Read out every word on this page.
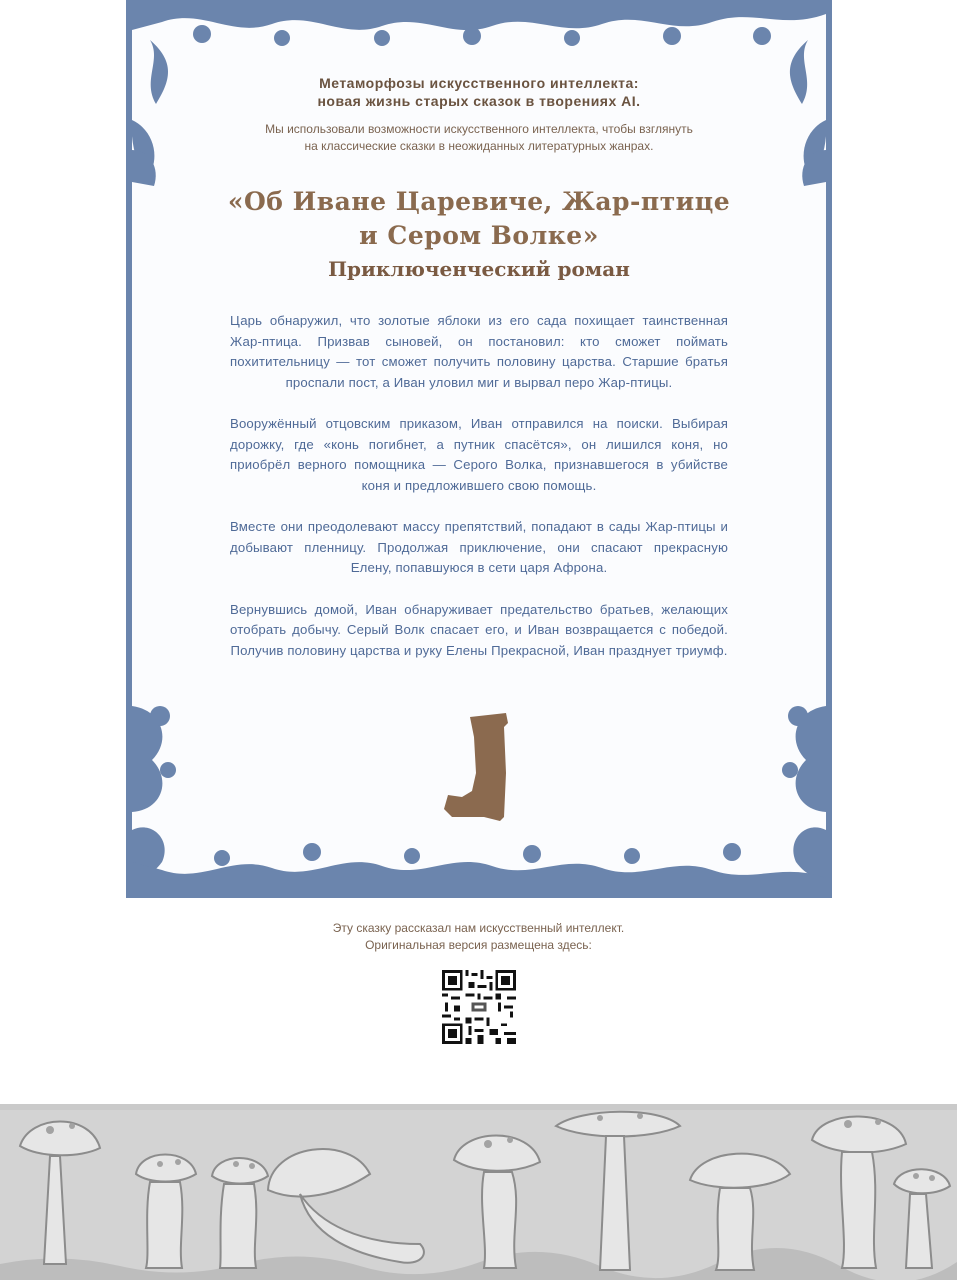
Метаморфозы искусственного интеллекта:
новая жизнь старых сказок в творениях AI.
Мы использовали возможности искусственного интеллекта, чтобы взглянуть
на классические сказки в неожиданных литературных жанрах.
«Об Иване Царевиче, Жар-птице
и Сером Волке»
Приключенческий роман

Царь обнаружил, что золотые яблоки из его сада похищает таинственная Жар-птица. Призвав сыновей, он постановил: кто сможет поймать похитительницу — тот сможет получить половину царства. Старшие братья проспали пост, а Иван уловил миг и вырвал перо Жар-птицы.

Вооружённый отцовским приказом, Иван отправился на поиски. Выбирая дорожку, где «конь погибнет, а путник спасётся», он лишился коня, но приобрёл верного помощника — Серого Волка, признавшегося в убийстве коня и предложившего свою помощь.

Вместе они преодолевают массу препятствий, попадают в сады Жар-птицы и добывают пленницу. Продолжая приключение, они спасают прекрасную Елену, попавшуюся в сети царя Афрона.

Вернувшись домой, Иван обнаруживает предательство братьев, желающих отобрать добычу. Серый Волк спасает его, и Иван возвращается с победой. Получив половину царства и руку Елены Прекрасной, Иван празднует триумф.

Эту сказку рассказал нам искусственный интеллект.
Оригинальная версия размещена здесь:
